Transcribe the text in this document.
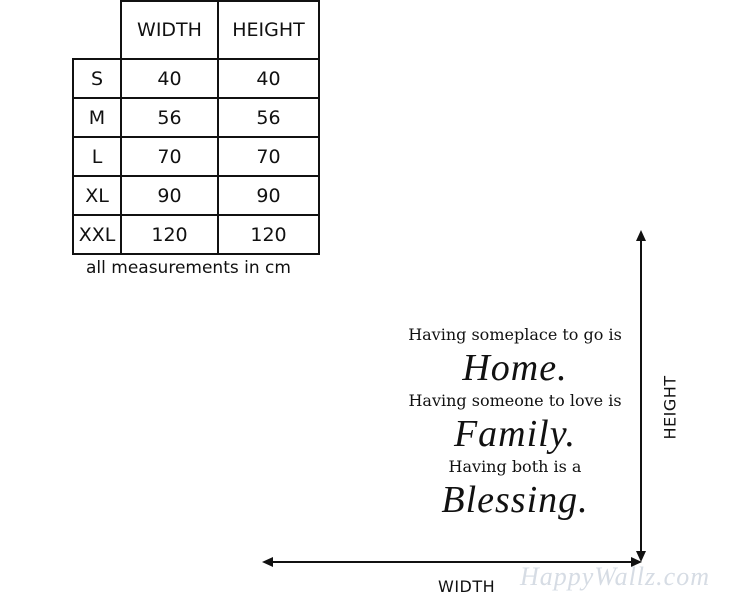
	WIDTH	HEIGHT
S	40	40
M	56	56
L	70	70
XL	90	90
XXL	120	120
all measurements in cm
Having someplace to go is
Home.
Having someone to love is
Family.
Having both is a
Blessing.
WIDTH
HEIGHT
HappyWallz.com
